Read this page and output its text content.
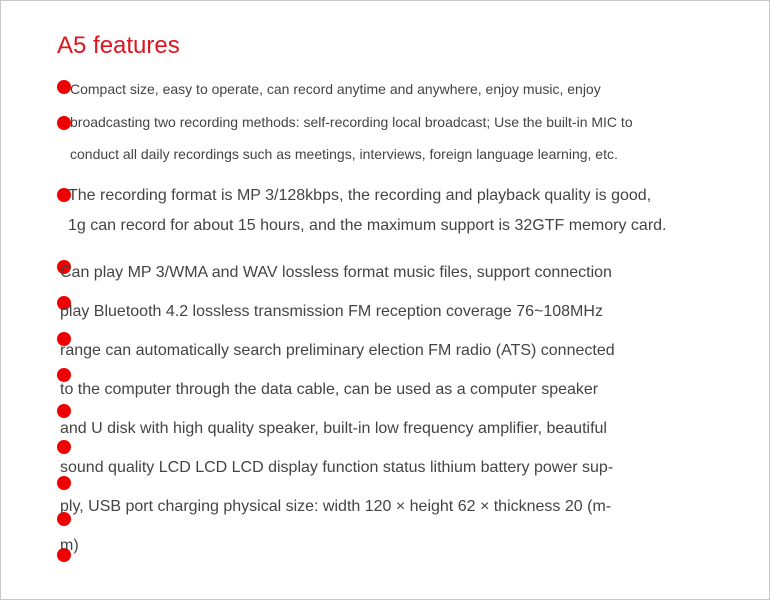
A5 features
Compact size, easy to operate, can record anytime and anywhere, enjoy music, enjoy
broadcasting two recording methods: self-recording local broadcast; Use the built-in MIC to
conduct all daily recordings such as meetings, interviews, foreign language learning, etc.
The recording format is MP 3/128kbps, the recording and playback quality is good,
1g can record for about 15 hours, and the maximum support is 32GTF memory card.
Can play MP 3/WMA and WAV lossless format music files, support connection
play Bluetooth 4.2 lossless transmission FM reception coverage 76~108MHz
range can automatically search preliminary election FM radio (ATS) connected
to the computer through the data cable, can be used as a computer speaker
and U disk with high quality speaker, built-in low frequency amplifier, beautiful
sound quality LCD LCD LCD display function status lithium battery power sup-
ply, USB port charging physical size: width 120 × height 62 × thickness 20 (m-
m)
